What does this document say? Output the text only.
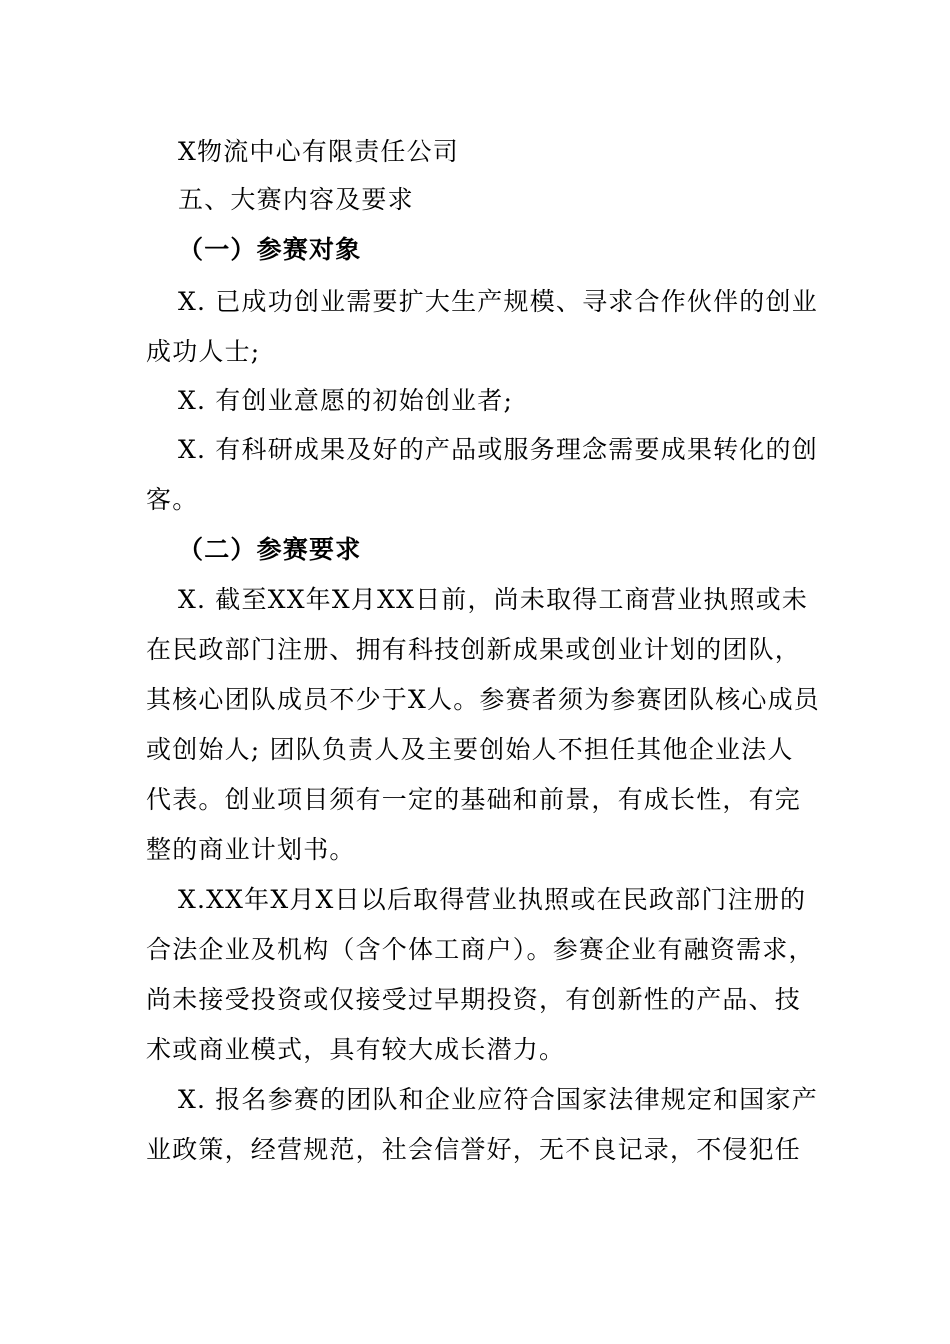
X物流中心有限责任公司
五、大赛内容及要求
（一）参赛对象
X. 已成功创业需要扩大生产规模、寻求合作伙伴的创业
成功人士;
X. 有创业意愿的初始创业者;
X. 有科研成果及好的产品或服务理念需要成果转化的创
客。
（二）参赛要求
X. 截至XX年X月XX日前，尚未取得工商营业执照或未
在民政部门注册、拥有科技创新成果或创业计划的团队，
其核心团队成员不少于X人。参赛者须为参赛团队核心成员
或创始人; 团队负责人及主要创始人不担任其他企业法人
代表。创业项目须有一定的基础和前景，有成长性，有完
整的商业计划书。
X.XX年X月X日以后取得营业执照或在民政部门注册的
合法企业及机构（含个体工商户）。参赛企业有融资需求，
尚未接受投资或仅接受过早期投资，有创新性的产品、技
术或商业模式，具有较大成长潜力。
X. 报名参赛的团队和企业应符合国家法律规定和国家产
业政策，经营规范，社会信誉好，无不良记录，不侵犯任
